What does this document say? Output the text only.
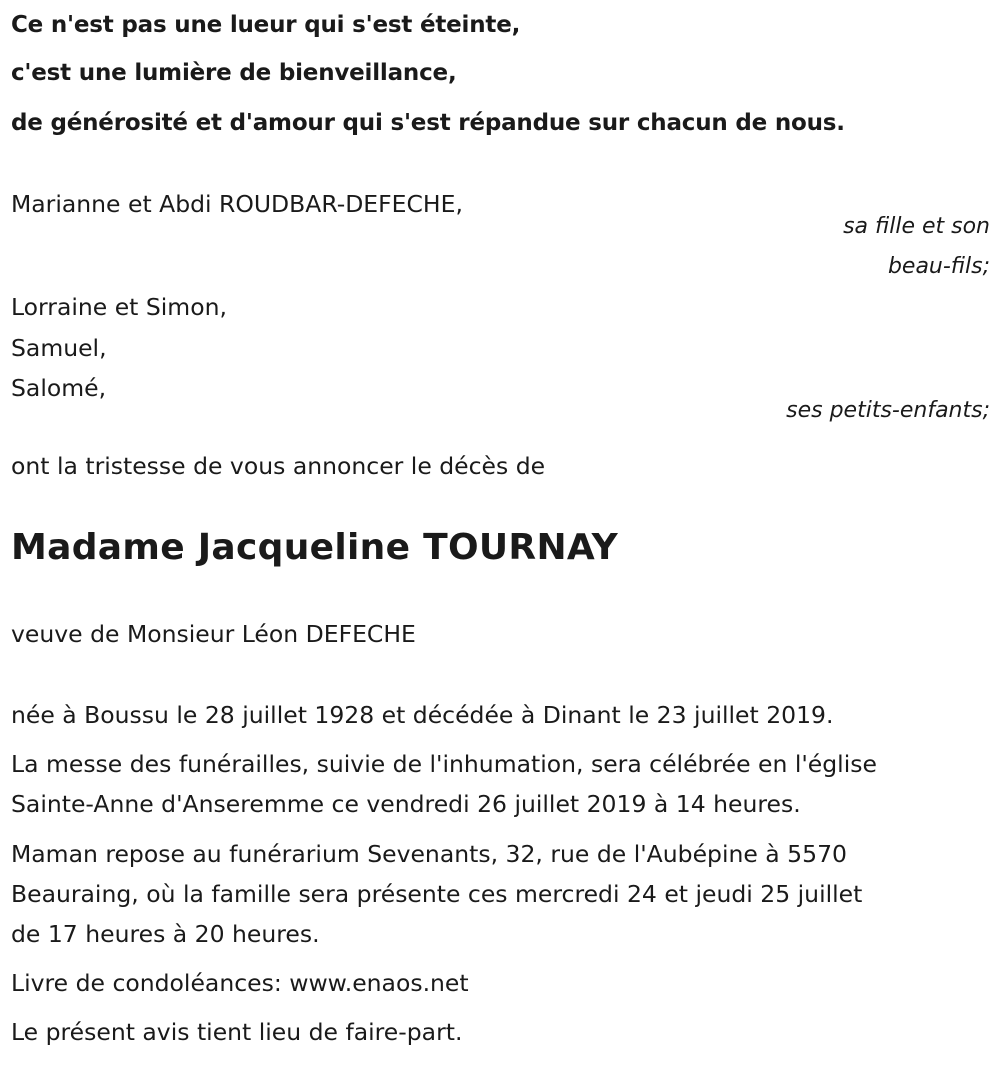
Ce n'est pas une lueur qui s'est éteinte,

c'est une lumière de bienveillance,

de générosité et d'amour qui s'est répandue sur chacun de nous.

Marianne et Abdi ROUDBAR-DEFECHE,

sa fille et son

beau-fils;

Lorraine et Simon,

Samuel,

Salomé,

ses petits-enfants;

ont la tristesse de vous annoncer le décès de

Madame Jacqueline TOURNAY

veuve de Monsieur Léon DEFECHE

née à Boussu le 28 juillet 1928 et décédée à Dinant le 23 juillet 2019.

La messe des funérailles, suivie de l'inhumation, sera célébrée en l'église

Sainte-Anne d'Anseremme ce vendredi 26 juillet 2019 à 14 heures.

Maman repose au funérarium Sevenants, 32, rue de l'Aubépine à 5570

Beauraing, où la famille sera présente ces mercredi 24 et jeudi 25 juillet

de 17 heures à 20 heures.

Livre de condoléances: www.enaos.net

Le présent avis tient lieu de faire-part.
